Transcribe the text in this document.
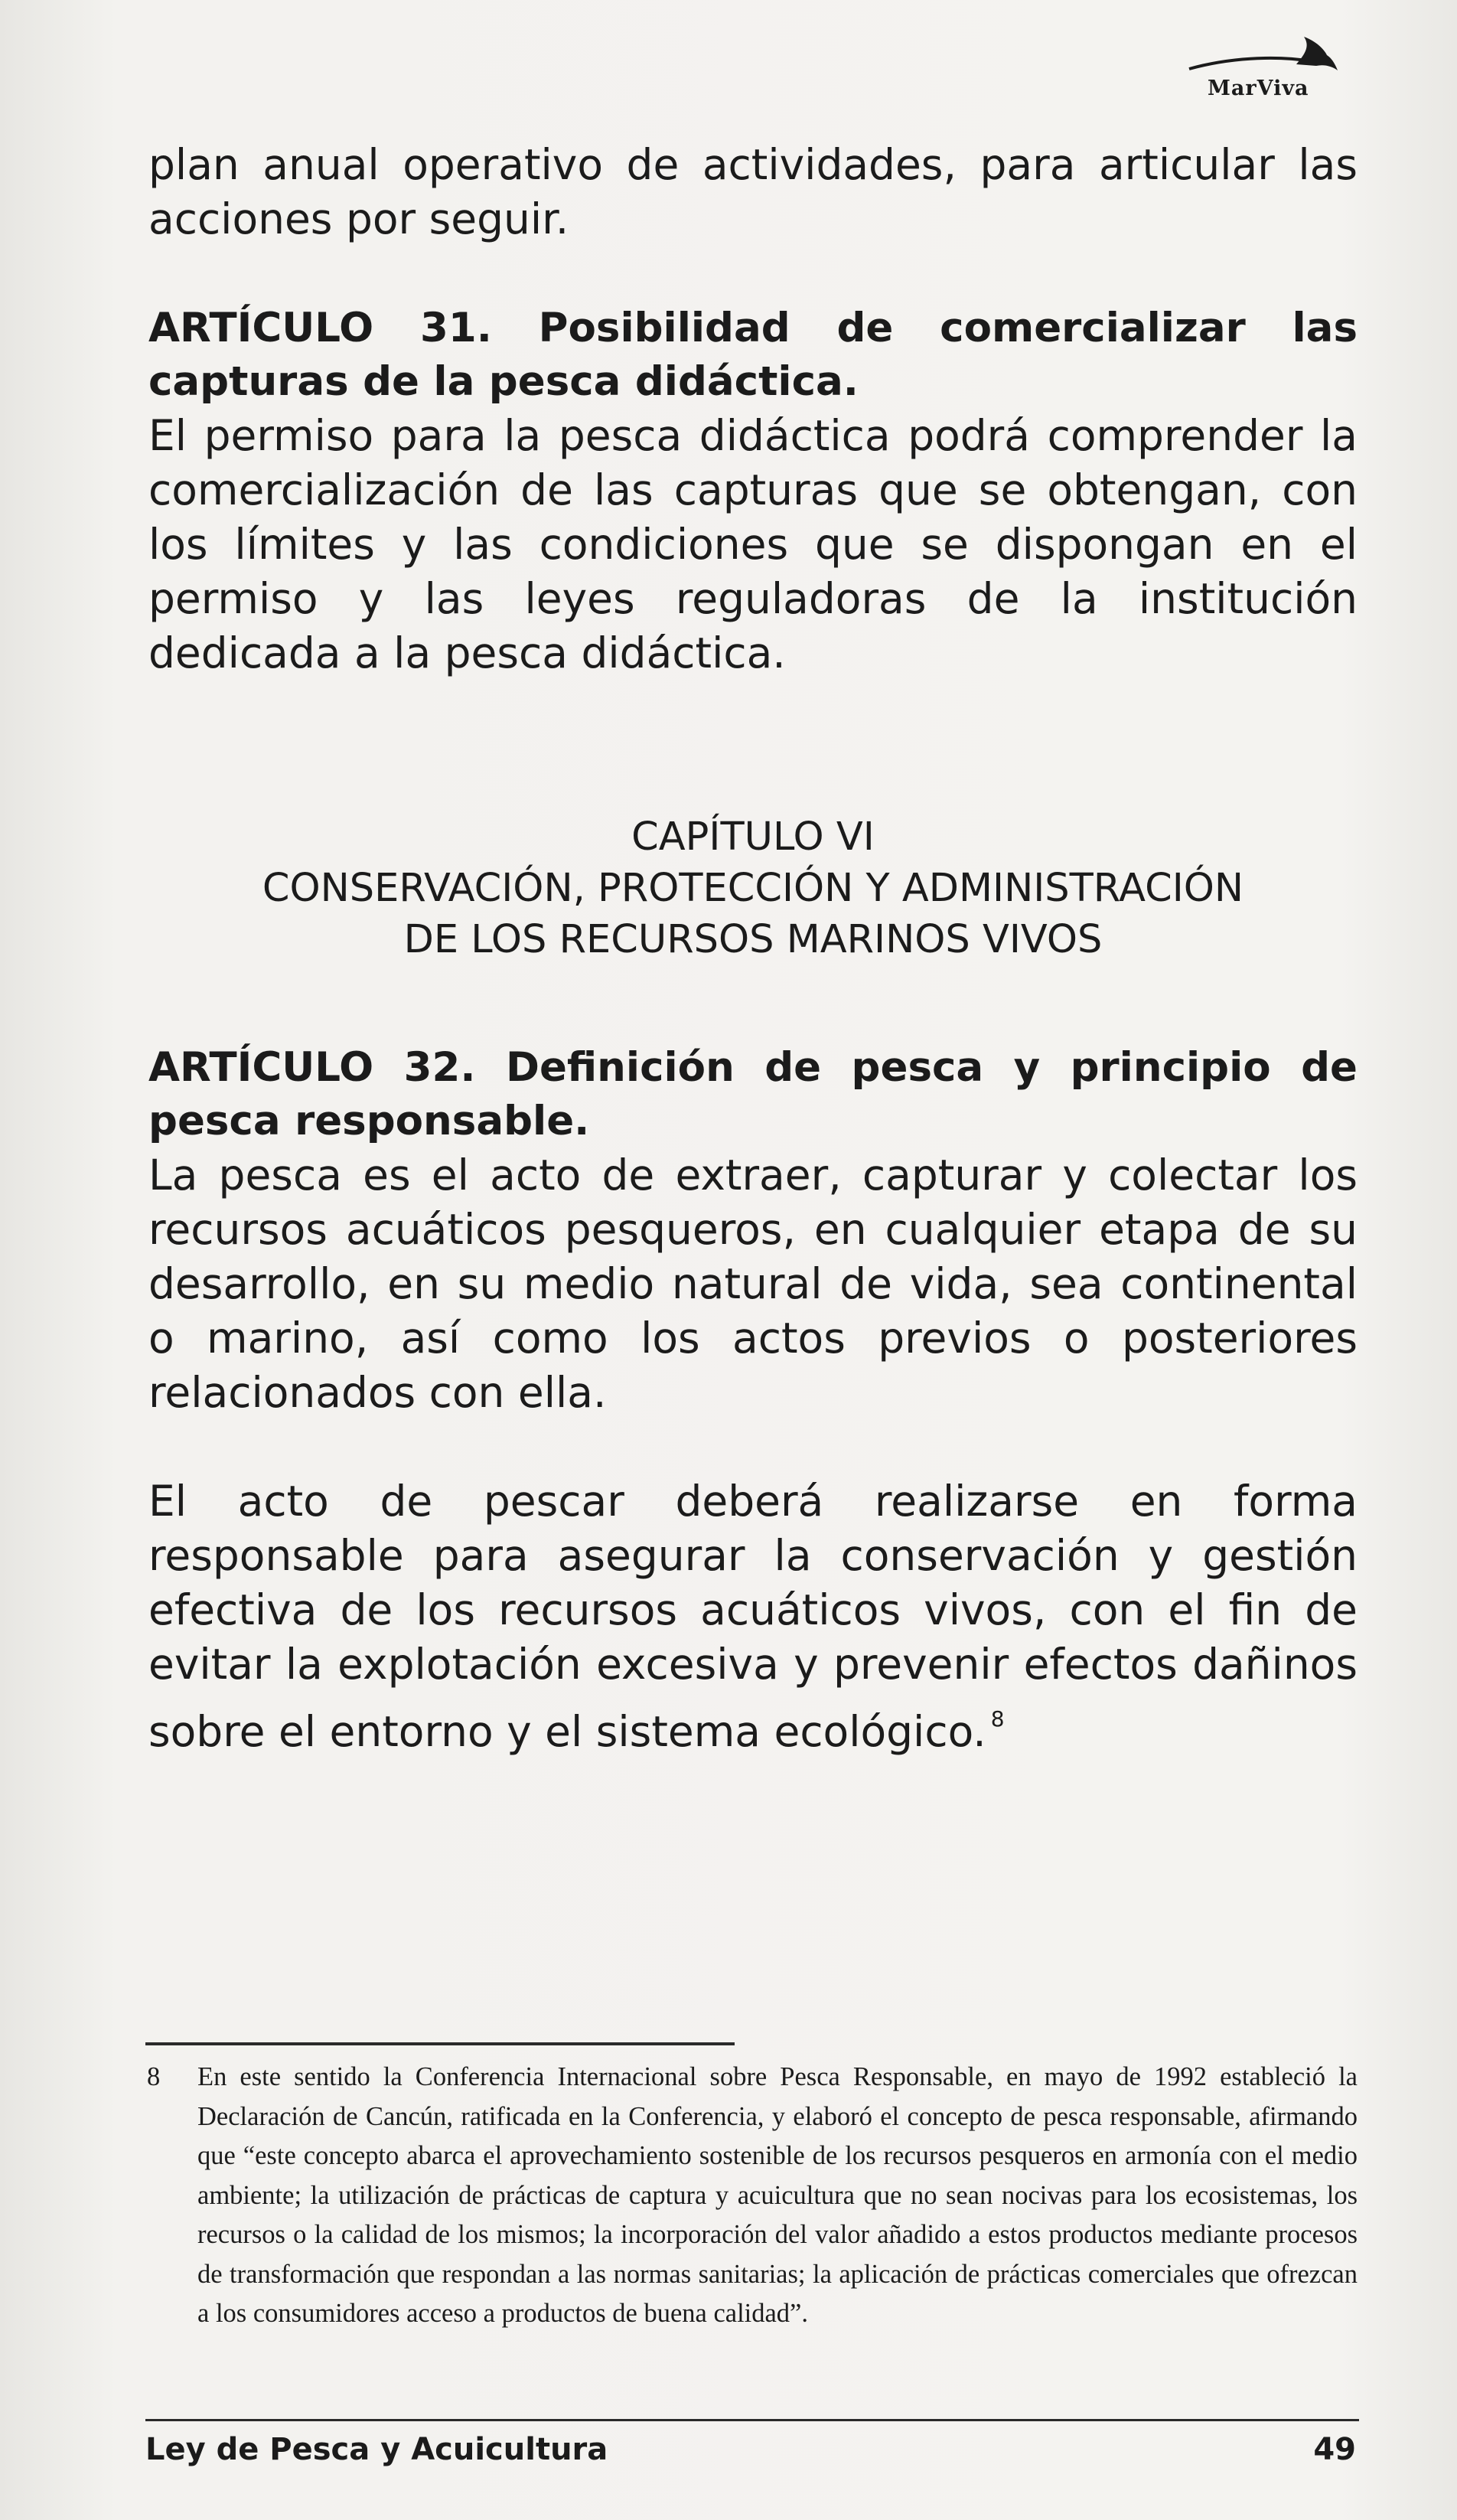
MarViva

plan anual operativo de actividades, para articular las acciones por seguir.

ARTÍCULO 31. Posibilidad de comercializar las capturas de la pesca didáctica.

El permiso para la pesca didáctica podrá comprender la comercialización de las capturas que se obtengan, con los límites y las condiciones que se dispongan en el permiso y las leyes reguladoras de la institución dedicada a la pesca didáctica.

CAPÍTULO VI
CONSERVACIÓN, PROTECCIÓN Y ADMINISTRACIÓN
DE LOS RECURSOS MARINOS VIVOS

ARTÍCULO 32. Definición de pesca y principio de pesca responsable.

La pesca es el acto de extraer, capturar y colectar los recursos acuáticos pesqueros, en cualquier etapa de su desarrollo, en su medio natural de vida, sea continental o marino, así como los actos previos o posteriores relacionados con ella.

El acto de pescar deberá realizarse en forma responsable para asegurar la conservación y gestión efectiva de los recursos acuáticos vivos, con el fin de evitar la explotación excesiva y prevenir efectos dañinos sobre el entorno y el sistema ecológico. $^8$

8 En este sentido la Conferencia Internacional sobre Pesca Responsable, en mayo de 1992 estableció la Declaración de Cancún, ratificada en la Conferencia, y elaboró el concepto de pesca responsable, afirmando que “este concepto abarca el aprovechamiento sostenible de los recursos pesqueros en armonía con el medio ambiente; la utilización de prácticas de captura y acuicultura que no sean nocivas para los ecosistemas, los recursos o la calidad de los mismos; la incorporación del valor añadido a estos productos mediante procesos de transformación que respondan a las normas sanitarias; la aplicación de prácticas comerciales que ofrezcan a los consumidores acceso a productos de buena calidad”.
Ley de Pesca y Acuicultura	49
